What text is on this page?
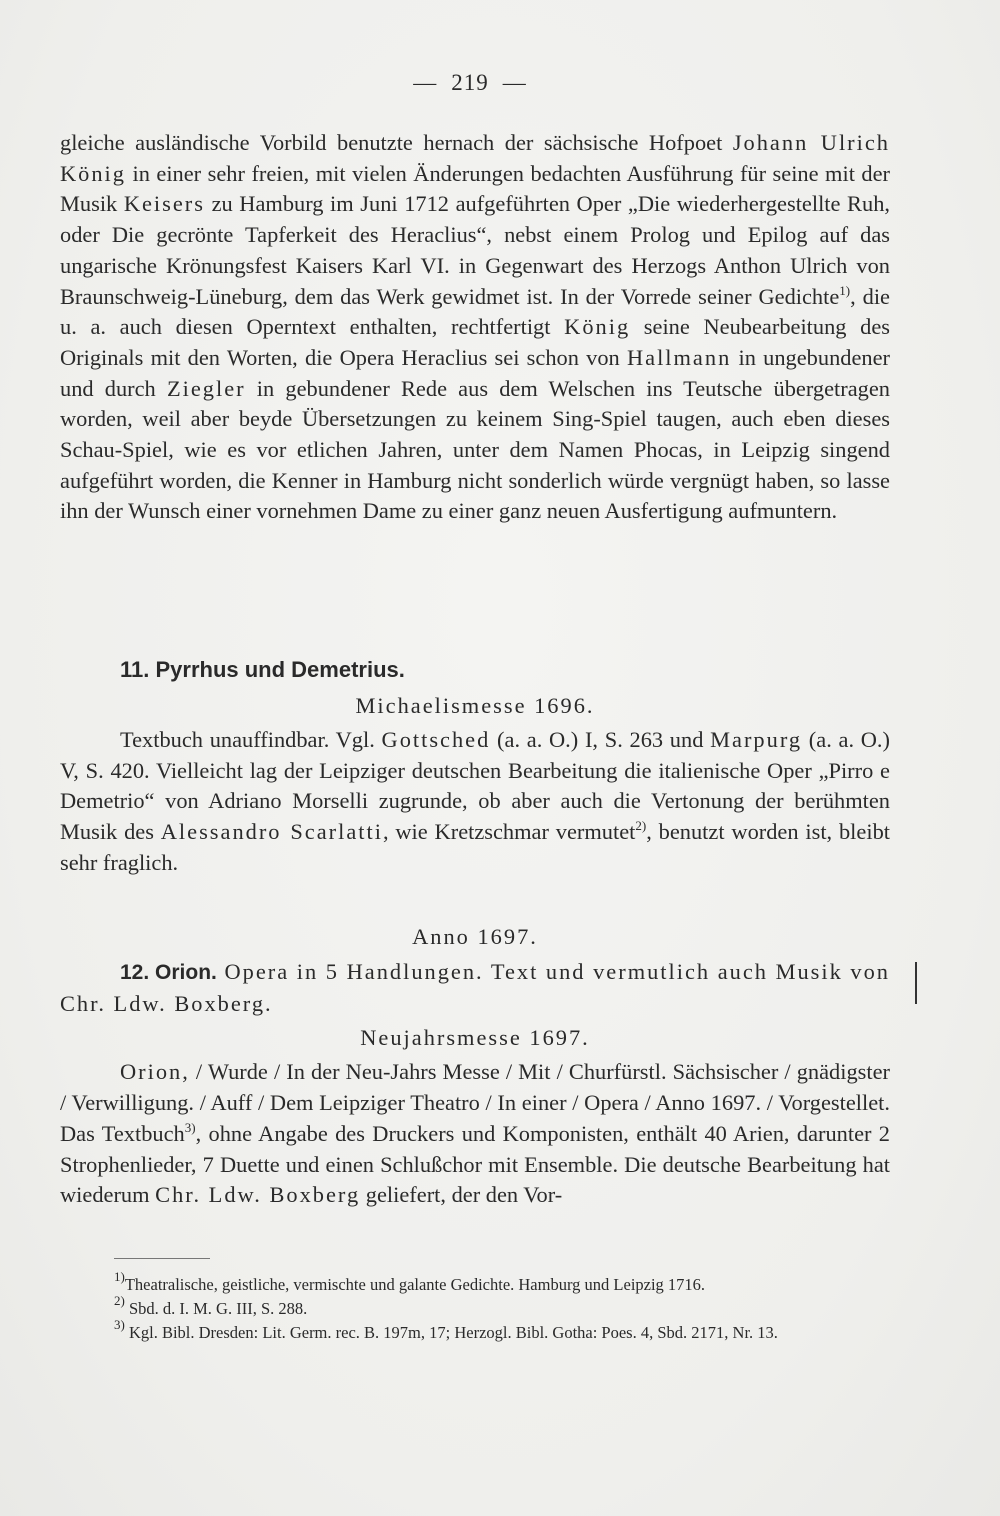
— 219 —

gleiche ausländische Vorbild benutzte hernach der sächsische Hofpoet Johann Ulrich König in einer sehr freien, mit vielen Änderungen bedachten Ausführung für seine mit der Musik Keisers zu Hamburg im Juni 1712 aufgeführten Oper „Die wiederhergestellte Ruh, oder Die gecrönte Tapferkeit des Heraclius“, nebst einem Prolog und Epilog auf das ungarische Krönungsfest Kaisers Karl VI. in Gegenwart des Herzogs Anthon Ulrich von Braunschweig-Lüneburg, dem das Werk gewidmet ist. In der Vorrede seiner Gedichte$^{1)}$, die u. a. auch diesen Operntext enthalten, rechtfertigt König seine Neubearbeitung des Originals mit den Worten, die Opera Heraclius sei schon von Hallmann in ungebundener und durch Ziegler in gebundener Rede aus dem Welschen ins Teutsche übergetragen worden, weil aber beyde Übersetzungen zu keinem Sing-Spiel taugen, auch eben dieses Schau-Spiel, wie es vor etlichen Jahren, unter dem Namen Phocas, in Leipzig singend aufgeführt worden, die Kenner in Hamburg nicht sonderlich würde vergnügt haben, so lasse ihn der Wunsch einer vornehmen Dame zu einer ganz neuen Ausfertigung aufmuntern.

11. Pyrrhus und Demetrius.

Michaelismesse 1696.

Textbuch unauffindbar. Vgl. Gottsched (a. a. O.) I, S. 263 und Marpurg (a. a. O.) V, S. 420. Vielleicht lag der Leipziger deutschen Bearbeitung die italienische Oper „Pirro e Demetrio“ von Adriano Morselli zugrunde, ob aber auch die Vertonung der berühmten Musik des Alessandro Scarlatti, wie Kretzschmar vermutet$^{2)}$, benutzt worden ist, bleibt sehr fraglich.

Anno 1697.

12. Orion. Opera in 5 Handlungen. Text und vermutlich auch Musik von Chr. Ldw. Boxberg.

Neujahrsmesse 1697.

Orion, / Wurde / In der Neu-Jahrs Messe / Mit / Churfürstl. Sächsischer / gnädigster / Verwilligung. / Auff / Dem Leipziger Theatro / In einer / Opera / Anno 1697. / Vorgestellet. Das Textbuch$^{3)}$, ohne Angabe des Druckers und Komponisten, enthält 40 Arien, darunter 2 Strophenlieder, 7 Duette und einen Schlußchor mit Ensemble. Die deutsche Bearbeitung hat wiederum Chr. Ldw. Boxberg geliefert, der den Vor-

$^{1)}$Theatralische, geistliche, vermischte und galante Gedichte. Hamburg und Leipzig 1716.

$^{2)}$ Sbd. d. I. M. G. III, S. 288.

$^{3)}$ Kgl. Bibl. Dresden: Lit. Germ. rec. B. 197m, 17; Herzogl. Bibl. Gotha: Poes. 4, Sbd. 2171, Nr. 13.
